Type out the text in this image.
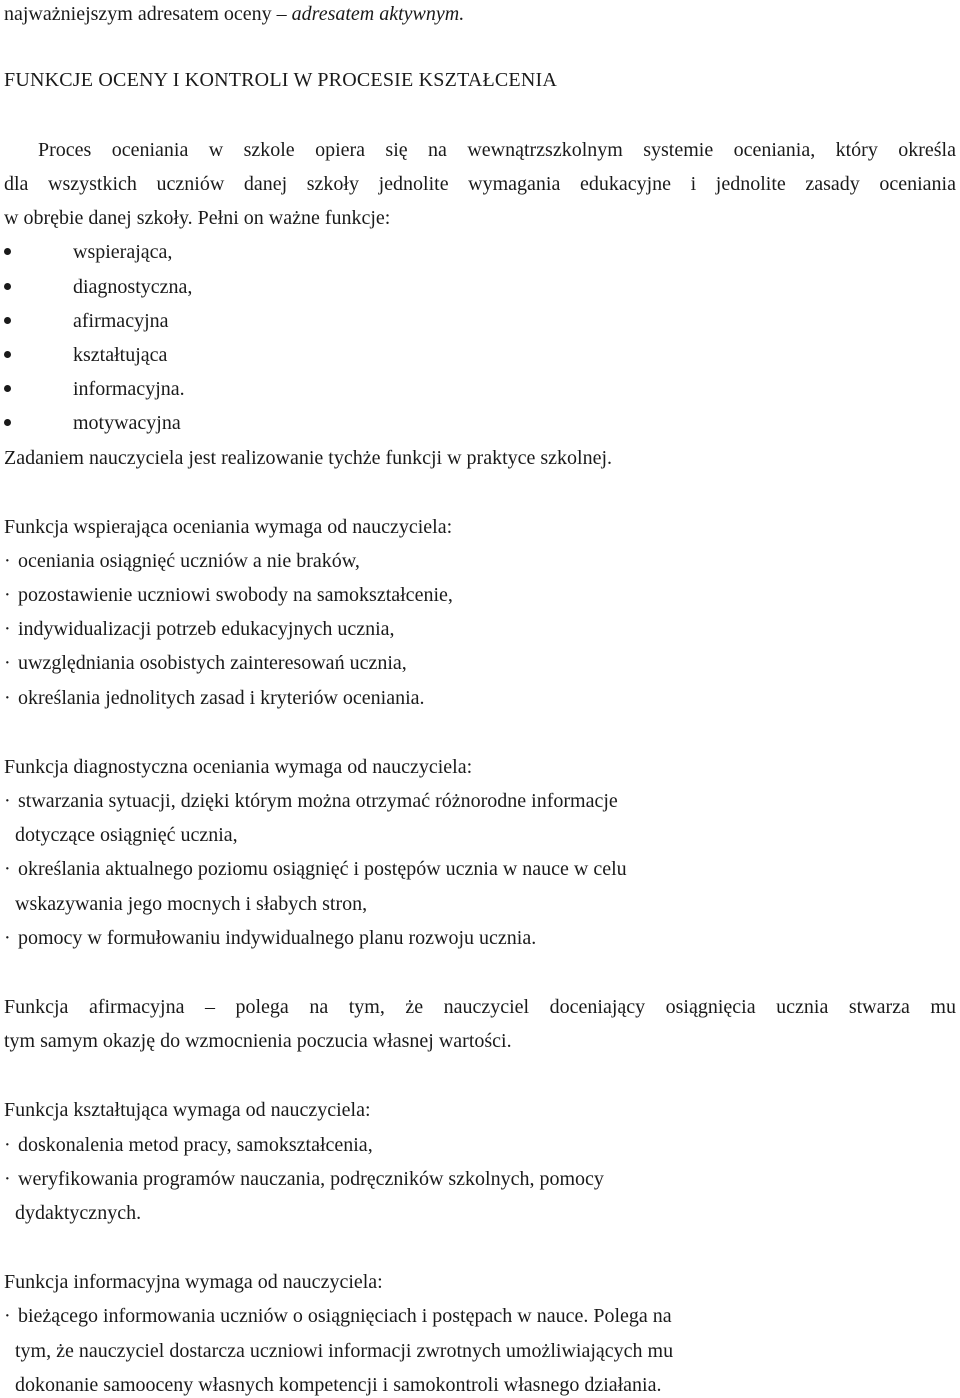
najważniejszym adresatem oceny – adresatem aktywnym.
FUNKCJE OCENY I KONTROLI W PROCESIE KSZTAŁCENIA
Proces oceniania w szkole opiera się na wewnątrzszkolnym systemie oceniania, który określa
dla wszystkich uczniów danej szkoły jednolite wymagania edukacyjne i jednolite zasady oceniania
w obrębie danej szkoły. Pełni on ważne funkcje:
wspierająca,
diagnostyczna,
afirmacyjna
kształtująca
informacyjna.
motywacyjna
Zadaniem nauczyciela jest realizowanie tychże funkcji w praktyce szkolnej.
Funkcja wspierająca oceniania wymaga od nauczyciela:
· oceniania osiągnięć uczniów a nie braków,
· pozostawienie uczniowi swobody na samokształcenie,
· indywidualizacji potrzeb edukacyjnych ucznia,
· uwzględniania osobistych zainteresowań ucznia,
· określania jednolitych zasad i kryteriów oceniania.
Funkcja diagnostyczna oceniania wymaga od nauczyciela:
· stwarzania sytuacji, dzięki którym można otrzymać różnorodne informacje
dotyczące osiągnięć ucznia,
· określania aktualnego poziomu osiągnięć i postępów ucznia w nauce w celu
wskazywania jego mocnych i słabych stron,
· pomocy w formułowaniu indywidualnego planu rozwoju ucznia.
Funkcja afirmacyjna – polega na tym, że nauczyciel doceniający osiągnięcia ucznia stwarza mu
tym samym okazję do wzmocnienia poczucia własnej wartości.
Funkcja kształtująca wymaga od nauczyciela:
· doskonalenia metod pracy, samokształcenia,
· weryfikowania programów nauczania, podręczników szkolnych, pomocy
dydaktycznych.
Funkcja informacyjna wymaga od nauczyciela:
· bieżącego informowania uczniów o osiągnięciach i postępach w nauce. Polega na
tym, że nauczyciel dostarcza uczniowi informacji zwrotnych umożliwiających mu
dokonanie samooceny własnych kompetencji i samokontroli własnego działania.
